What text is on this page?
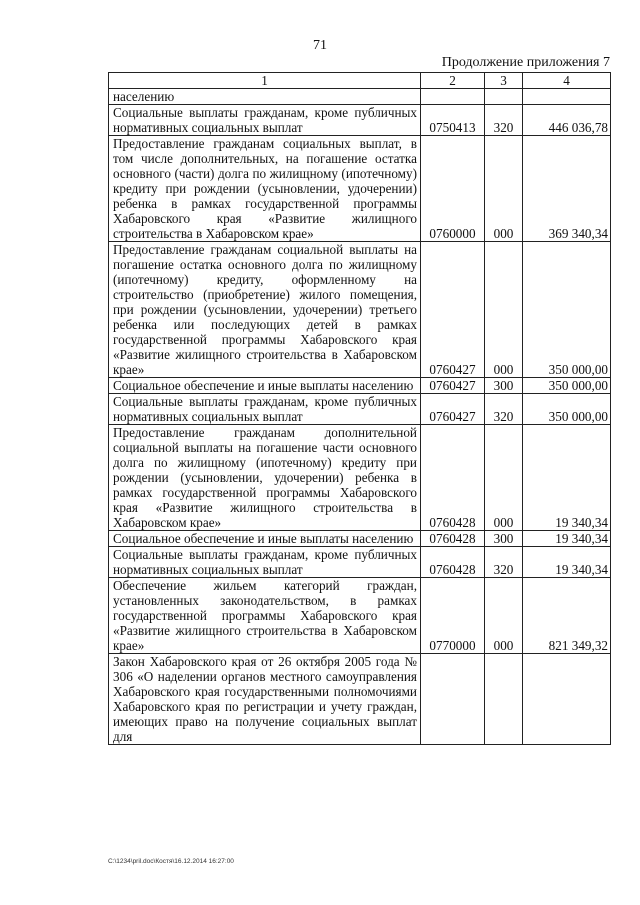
71
Продолжение приложения 7
1	2	3	4
населению			
Социальные выплаты гражданам, кроме публичных нормативных социальных выплат	0750413	320	446 036,78
Предоставление гражданам социальных выплат, в том числе дополнительных, на погашение остатка основного (части) долга по жилищному (ипотечному) кредиту при рождении (усыновлении, удочерении) ребенка в рамках государственной программы Хабаровского края «Развитие жилищного строительства в Хабаровском крае»	0760000	000	369 340,34
Предоставление гражданам социальной выплаты на погашение остатка основного долга по жилищному (ипотечному) кредиту, оформленному на строительство (приобретение) жилого помещения, при рождении (усыновлении, удочерении) третьего ребенка или последующих детей в рамках государственной программы Хабаровского края «Развитие жилищного строительства в Хабаровском крае»	0760427	000	350 000,00
Социальное обеспечение и иные выплаты населению	0760427	300	350 000,00
Социальные выплаты гражданам, кроме публичных нормативных социальных выплат	0760427	320	350 000,00
Предоставление гражданам дополнительной социальной выплаты на погашение части основного долга по жилищному (ипотечному) кредиту при рождении (усыновлении, удочерении) ребенка в рамках государственной программы Хабаровского края «Развитие жилищного строительства в Хабаровском крае»	0760428	000	19 340,34
Социальное обеспечение и иные выплаты населению	0760428	300	19 340,34
Социальные выплаты гражданам, кроме публичных нормативных социальных выплат	0760428	320	19 340,34
Обеспечение жильем категорий граждан, установленных законодательством, в рамках государственной программы Хабаровского края «Развитие жилищного строительства в Хабаровском крае»	0770000	000	821 349,32
Закон Хабаровского края от 26 октября 2005 года № 306 «О наделении органов местного самоуправления Хабаровского края государственными полномочиями Хабаровского края по регистрации и учету граждан, имеющих право на получение социальных выплат для			
C:\1234\pril.doc\Костя\16.12.2014 16:27:00
